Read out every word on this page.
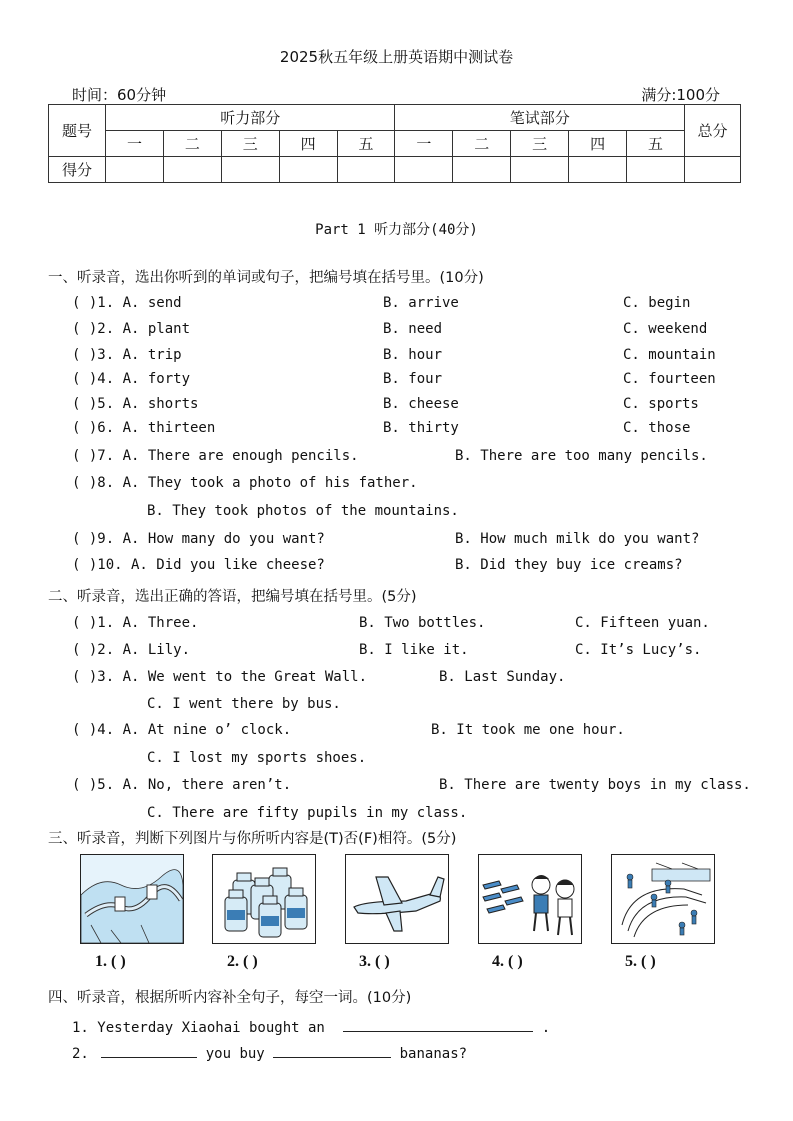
2025秋五年级上册英语期中测试卷
时间：60分钟	满分:100分
题号	听力部分					笔试部分					总分
	一	二	三	四	五	一	二	三	四	五	
得分											
Part 1 听力部分(40分)
一、听录音，选出你听到的单词或句子，把编号填在括号里。(10分)
( )1. A. send	B. arrive	C. begin
( )2. A. plant	B. need	C. weekend
( )3. A. trip	B. hour	C. mountain
( )4. A. forty	B. four	C. fourteen
( )5. A. shorts	B. cheese	C. sports
( )6. A. thirteen	B. thirty	C. those
( )7. A. There are enough pencils.	B. There are too many pencils.
( )8. A. They took a photo of his father.
B. They took photos of the mountains.
( )9. A. How many do you want?	B. How much milk do you want?
( )10. A. Did you like cheese?	B. Did they buy ice creams?
二、听录音，选出正确的答语，把编号填在括号里。(5分)
( )1. A. Three.	B. Two bottles.	C. Fifteen yuan.
( )2. A. Lily.	B. I like it.	C. It’s Lucy’s.
( )3. A. We went to the Great Wall.	B. Last Sunday.
C. I went there by bus.
( )4. A. At nine o’ clock.	B. It took me one hour.
C. I lost my sports shoes.
( )5. A. No, there aren’t.	B. There are twenty boys in my class.
C. There are fifty pupils in my class.
三、听录音，判断下列图片与你所听内容是(T)否(F)相符。(5分)
1. ( )	2. ( )	3. ( )	4. ( )	5. ( )
四、听录音，根据所听内容补全句子，每空一词。(10分)
1. Yesterday Xiaohai bought an	.
2.	you buy	bananas?
